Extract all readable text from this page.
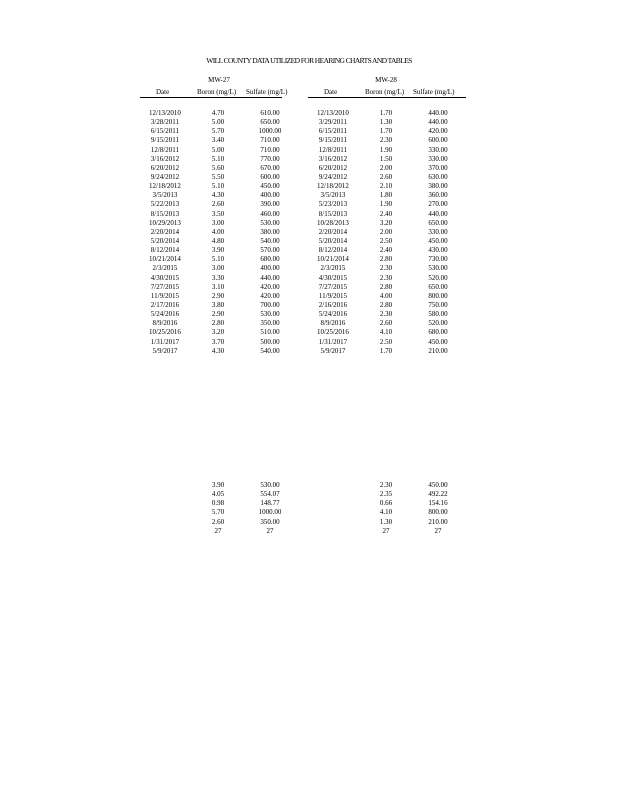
WILL COUNTY DATA UTILIZED FOR HEARING CHARTS AND TABLES
MW-27
Date	Boron (mg/L) Sulfate (mg/L)
12/13/2010
3/28/2011
6/15/2011
9/15/2011
12/8/2011
3/16/2012
6/20/2012
9/24/2012
12/18/2012
3/5/2013
5/22/2013
8/15/2013
10/29/2013
2/20/2014
5/20/2014
8/12/2014
10/21/2014
2/3/2015
4/30/2015
7/27/2015
11/9/2015
2/17/2016
5/24/2016
8/9/2016
10/25/2016
1/31/2017
5/9/2017
4.70
5.00
5.70
3.40
5.00
5.10
5.60
5.50
5.10
4.30
2.60
3.50
3.00
4.00
4.80
3.90
5.10
3.00
3.30
3.10
2.90
3.80
2.90
2.80
3.20
3.70
4.30
610.00
650.00
1000.00
710.00
710.00
770.00
670.00
600.00
450.00
400.00
390.00
460.00
530.00
380.00
540.00
570.00
680.00
400.00
440.00
420.00
420.00
700.00
530.00
350.00
510.00
500.00
540.00
3.90
4.05
0.98
5.70
2.60
27
530.00
554.07
148.77
1000.00
350.00
27
MW-28
Date	Boron (mg/L) Sulfate (mg/L)
12/13/2010
3/29/2011
6/15/2011
9/15/2011
12/8/2011
3/16/2012
6/20/2012
9/24/2012
12/18/2012
3/5/2013
5/23/2013
8/15/2013
10/28/2013
2/20/2014
5/20/2014
8/12/2014
10/21/2014
2/3/2015
4/30/2015
7/27/2015
11/9/2015
2/16/2016
5/24/2016
8/9/2016
10/25/2016
1/31/2017
5/9/2017
1.70
1.30
1.70
2.30
1.90
1.50
2.00
2.60
2.10
1.80
1.90
2.40
3.20
2.00
2.50
2.40
2.80
2.30
2.30
2.80
4.00
2.80
2.30
2.60
4.10
2.50
1.70
440.00
440.00
420.00
600.00
330.00
330.00
370.00
630.00
380.00
360.00
270.00
440.00
650.00
330.00
450.00
430.00
730.00
530.00
520.00
650.00
800.00
750.00
580.00
520.00
680.00
450.00
210.00
2.30
2.35
0.66
4.10
1.30
27
450.00
492.22
154.16
800.00
210.00
27
